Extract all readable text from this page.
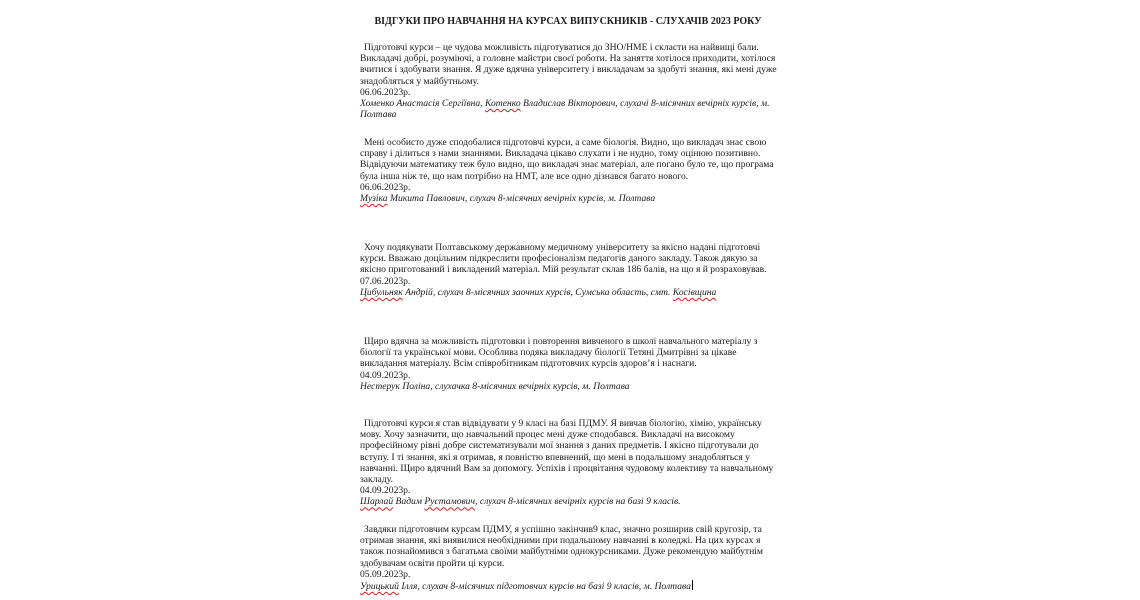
ВІДГУКИ ПРО НАВЧАННЯ НА КУРСАХ ВИПУСКНИКІВ - СЛУХАЧІВ 2023 РОКУ

Підготовчі курси – це чудова можливість підготуватися до ЗНО/НМЕ і скласти на найвищі бали. Викладачі добрі, розуміючі, а головне майстри своєї роботи. На заняття хотілося приходити, хотілося вчитися і здобувати знання. Я дуже вдячна університету і викладачам за здобуті знання, які мені дуже знадобляться у майбутньому.

06.06.2023р.

Хоменко Анастасія Сергіївна, Котенко Владислав Вікторович, слухачі 8-місячних вечірніх курсів, м. Полтава

Мені особисто дуже сподобалися підготовчі курси, а саме біологія. Видно, що викладач знає свою справу і ділиться з нами знаннями. Викладача цікаво слухати і не нудно, тому оцінюю позитивно. Відвідуючи математику теж було видно, що викладач знає матеріал, але погано було те, що програма була інша ніж те, що нам потрібно на НМТ, але все одно дізнався багато нового.

06.06.2023р.

Музіка Микита Павлович, слухач 8-місячних вечірніх курсів, м. Полтава

Хочу подякувати Полтавському державному медичному університету за якісно надані підготовчі курси. Вважаю доцільним підкреслити професіоналізм педагогів даного закладу. Також дякую за якісно приготований і викладений матеріал. Мій результат склав 186 балів, на що я й розраховував.

07.06.2023р.

Цибульняк Андрій, слухач 8-місячних заочних курсів, Сумська область, смт. Косівщина

Щиро вдячна за можливість підготовки і повторення вивченого в школі навчального матеріалу з біології та української мови. Особлива подяка викладачу біології Тетяні Дмитрівні за цікаве викладання матеріалу. Всім співробітникам підготовчих курсів здоров’я і наснаги.

04.09.2023р.

Нестерук Поліна, слухачка 8-місячних вечірніх курсів, м. Полтава

Підготовчі курси я став відвідувати у 9 класі на базі ПДМУ. Я вивчав біологію, хімію, українську мову. Хочу зазначити, що навчальний процес мені дуже сподобався. Викладачі на високому професійному рівні добре систематизували мої знання з даних предметів. І якісно підготували до вступу. І ті знання, які я отримав, я повністю впевнений, що мені в подальшому знадобляться у навчанні. Щиро вдячний Вам за допомогу. Успіхів і процвітання чудовому колективу та навчальному закладу.

04.09.2023р.

Шарлай Вадим Рустамович, слухач 8-місячних вечірніх курсів на базі 9 класів.

Завдяки підготовчим курсам ПДМУ, я успішно закінчив9 клас, значно розширив свій кругозір, та отримав знання, які виявилися необхідними при подальшому навчанні в коледжі. На цих курсах я також познайомився з багатьма своїми майбутніми однокурсниками. Дуже рекомендую майбутнім здобувачам освіти пройти ці курси.

05.09.2023р.

Урицький Ілля, слухач 8-місячних підготовчих курсів на базі 9 класів, м. Полтава
